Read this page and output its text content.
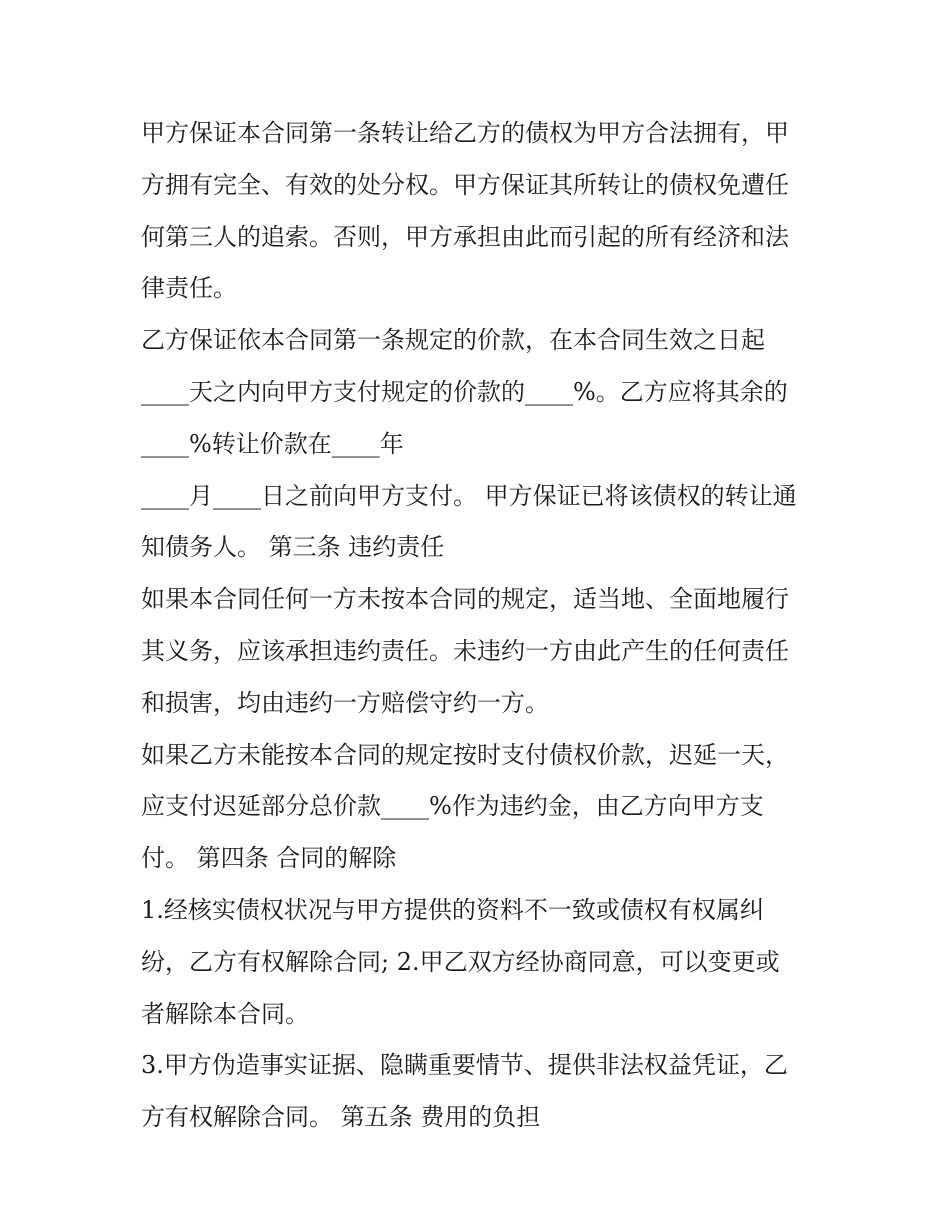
甲方保证本合同第一条转让给乙方的债权为甲方合法拥有，甲
方拥有完全、有效的处分权。甲方保证其所转让的债权免遭任
何第三人的追索。否则，甲方承担由此而引起的所有经济和法
律责任。
乙方保证依本合同第一条规定的价款，在本合同生效之日起
____天之内向甲方支付规定的价款的____%。乙方应将其余的
____%转让价款在____年
____月____日之前向甲方支付。 甲方保证已将该债权的转让通
知债务人。 第三条 违约责任
如果本合同任何一方未按本合同的规定，适当地、全面地履行
其义务，应该承担违约责任。未违约一方由此产生的任何责任
和损害，均由违约一方赔偿守约一方。
如果乙方未能按本合同的规定按时支付债权价款，迟延一天，
应支付迟延部分总价款____%作为违约金，由乙方向甲方支
付。 第四条 合同的解除
1.经核实债权状况与甲方提供的资料不一致或债权有权属纠
纷，乙方有权解除合同; 2.甲乙双方经协商同意，可以变更或
者解除本合同。
3.甲方伪造事实证据、隐瞒重要情节、提供非法权益凭证，乙
方有权解除合同。 第五条 费用的负担
